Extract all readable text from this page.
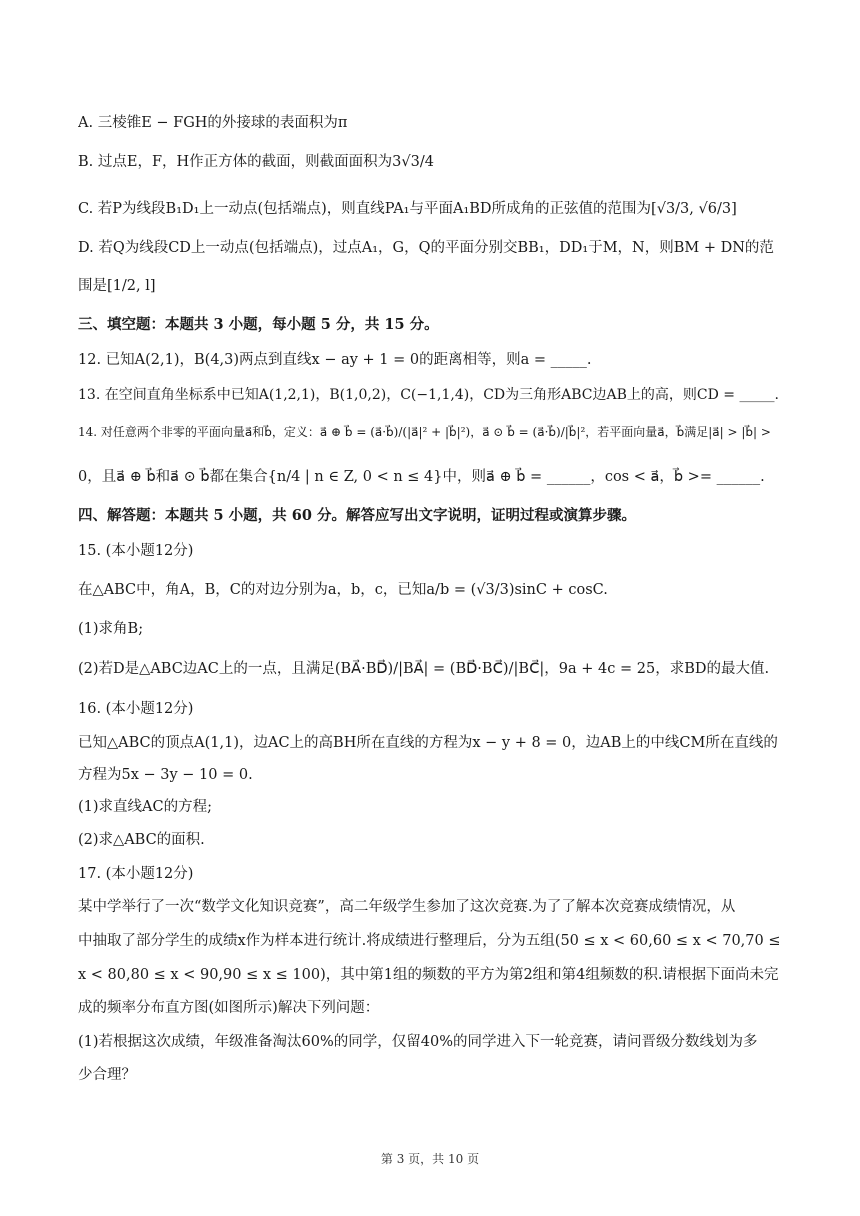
A. 三棱锥E − FGH的外接球的表面积为π
B. 过点E，F，H作正方体的截面，则截面面积为3√3/4
C. 若P为线段B₁D₁上一动点(包括端点)，则直线PA₁与平面A₁BD所成角的正弦值的范围为[√3/3, √6/3]
D. 若Q为线段CD上一动点(包括端点)，过点A₁，G，Q的平面分别交BB₁，DD₁于M，N，则BM + DN的范
围是[1/2, l]
三、填空题：本题共 3 小题，每小题 5 分，共 15 分。
12. 已知A(2,1)，B(4,3)两点到直线x − ay + 1 = 0的距离相等，则a = _____.
13. 在空间直角坐标系中已知A(1,2,1)，B(1,0,2)，C(−1,1,4)，CD为三角形ABC边AB上的高，则CD = _____.
14. 对任意两个非零的平面向量a⃗和b⃗，定义：a⃗ ⊕ b⃗ = (a⃗·b⃗)/(|a⃗|² + |b⃗|²)，a⃗ ⊙ b⃗ = (a⃗·b⃗)/|b⃗|²，若平面向量a⃗，b⃗满足|a⃗| > |b⃗| >
0，且a⃗ ⊕ b⃗和a⃗ ⊙ b⃗都在集合{n/4 | n ∈ Z, 0 < n ≤ 4}中，则a⃗ ⊕ b⃗ = ______，cos < a⃗，b⃗ >= ______.
四、解答题：本题共 5 小题，共 60 分。解答应写出文字说明，证明过程或演算步骤。
15. (本小题12分)
在△ABC中，角A，B，C的对边分别为a，b，c，已知a/b = (√3/3)sinC + cosC.
(1)求角B;
(2)若D是△ABC边AC上的一点，且满足(BA⃗·BD⃗)/|BA⃗| = (BD⃗·BC⃗)/|BC⃗|，9a + 4c = 25，求BD的最大值.
16. (本小题12分)
已知△ABC的顶点A(1,1)，边AC上的高BH所在直线的方程为x − y + 8 = 0，边AB上的中线CM所在直线的
方程为5x − 3y − 10 = 0.
(1)求直线AC的方程;
(2)求△ABC的面积.
17. (本小题12分)
某中学举行了一次“数学文化知识竞赛”，高二年级学生参加了这次竞赛.为了了解本次竞赛成绩情况，从
中抽取了部分学生的成绩x作为样本进行统计.将成绩进行整理后，分为五组(50 ≤ x < 60,60 ≤ x < 70,70 ≤
x < 80,80 ≤ x < 90,90 ≤ x ≤ 100)，其中第1组的频数的平方为第2组和第4组频数的积.请根据下面尚未完
成的频率分布直方图(如图所示)解决下列问题：
(1)若根据这次成绩，年级准备淘汰60%的同学，仅留40%的同学进入下一轮竞赛，请问晋级分数线划为多
少合理？
第 3 页，共 10 页
